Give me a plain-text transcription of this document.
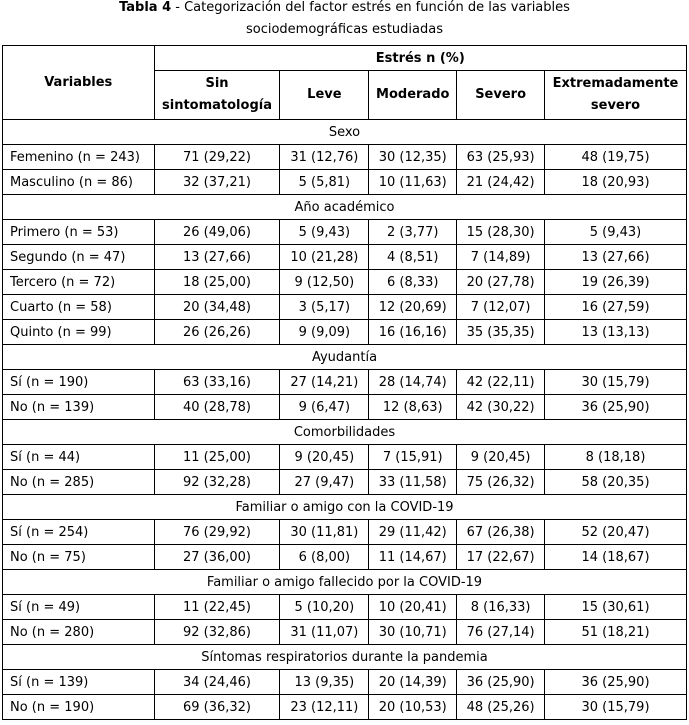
Tabla 4 - Categorización del factor estrés en función de las variables
sociodemográficas estudiadas
Variables	Estrés n (%)				
	Sin sintomatología	Leve	Moderado	Severo	Extremadamente severo
Sexo					
Femenino (n = 243)	71 (29,22)	31 (12,76)	30 (12,35)	63 (25,93)	48 (19,75)
Masculino (n = 86)	32 (37,21)	5 (5,81)	10 (11,63)	21 (24,42)	18 (20,93)
Año académico					
Primero (n = 53)	26 (49,06)	5 (9,43)	2 (3,77)	15 (28,30)	5 (9,43)
Segundo (n = 47)	13 (27,66)	10 (21,28)	4 (8,51)	7 (14,89)	13 (27,66)
Tercero (n = 72)	18 (25,00)	9 (12,50)	6 (8,33)	20 (27,78)	19 (26,39)
Cuarto (n = 58)	20 (34,48)	3 (5,17)	12 (20,69)	7 (12,07)	16 (27,59)
Quinto (n = 99)	26 (26,26)	9 (9,09)	16 (16,16)	35 (35,35)	13 (13,13)
Ayudantía					
Sí (n = 190)	63 (33,16)	27 (14,21)	28 (14,74)	42 (22,11)	30 (15,79)
No (n = 139)	40 (28,78)	9 (6,47)	12 (8,63)	42 (30,22)	36 (25,90)
Comorbilidades					
Sí (n = 44)	11 (25,00)	9 (20,45)	7 (15,91)	9 (20,45)	8 (18,18)
No (n = 285)	92 (32,28)	27 (9,47)	33 (11,58)	75 (26,32)	58 (20,35)
Familiar o amigo con la COVID-19					
Sí (n = 254)	76 (29,92)	30 (11,81)	29 (11,42)	67 (26,38)	52 (20,47)
No (n = 75)	27 (36,00)	6 (8,00)	11 (14,67)	17 (22,67)	14 (18,67)
Familiar o amigo fallecido por la COVID-19					
Sí (n = 49)	11 (22,45)	5 (10,20)	10 (20,41)	8 (16,33)	15 (30,61)
No (n = 280)	92 (32,86)	31 (11,07)	30 (10,71)	76 (27,14)	51 (18,21)
Síntomas respiratorios durante la pandemia					
Sí (n = 139)	34 (24,46)	13 (9,35)	20 (14,39)	36 (25,90)	36 (25,90)
No (n = 190)	69 (36,32)	23 (12,11)	20 (10,53)	48 (25,26)	30 (15,79)
